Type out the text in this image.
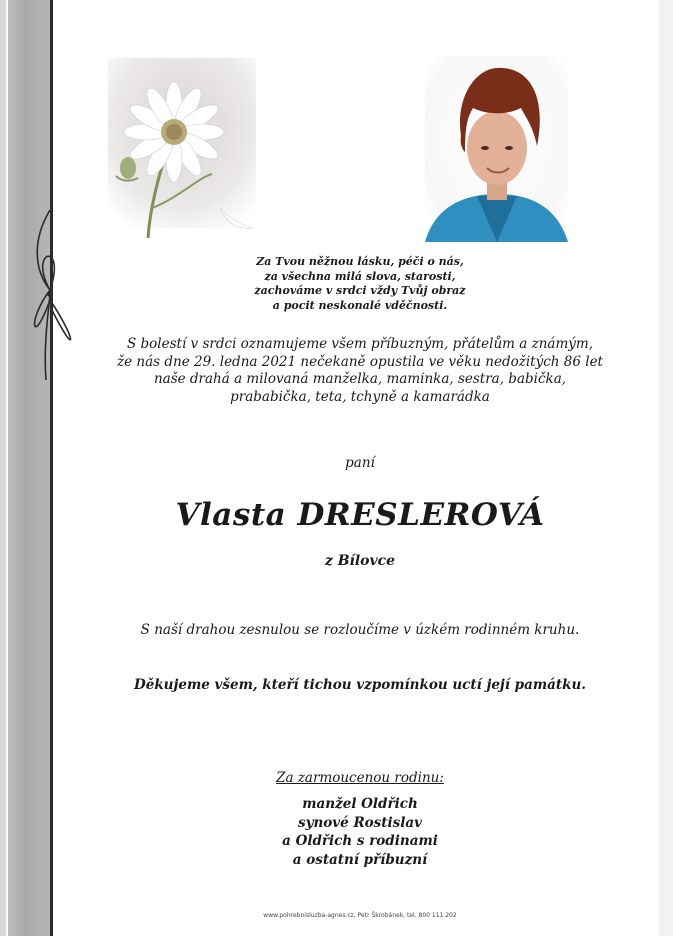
Za Tvou něžnou lásku, péči o nás,
za všechna milá slova, starosti,
zachováme v srdci vždy Tvůj obraz
a pocit neskonalé vděčnosti.
S bolestí v srdci oznamujeme všem příbuzným, přátelům a známým,
že nás dne 29. ledna 2021 nečekaně opustila ve věku nedožitých 86 let
naše drahá a milovaná manželka, maminka, sestra, babička,
prababička, teta, tchyně a kamarádka
paní
Vlasta DRESLEROVÁ
z Bílovce
S naší drahou zesnulou se rozloučíme v úzkém rodinném kruhu.
Děkujeme všem, kteří tichou vzpomínkou uctí její památku.
Za zarmoucenou rodinu:
manžel Oldřich
synové Rostislav
a Oldřich s rodinami
a ostatní příbuzní
www.pohrebnisluzba-agnes.cz, Petr Škrobánek, tel. 800 111 202
